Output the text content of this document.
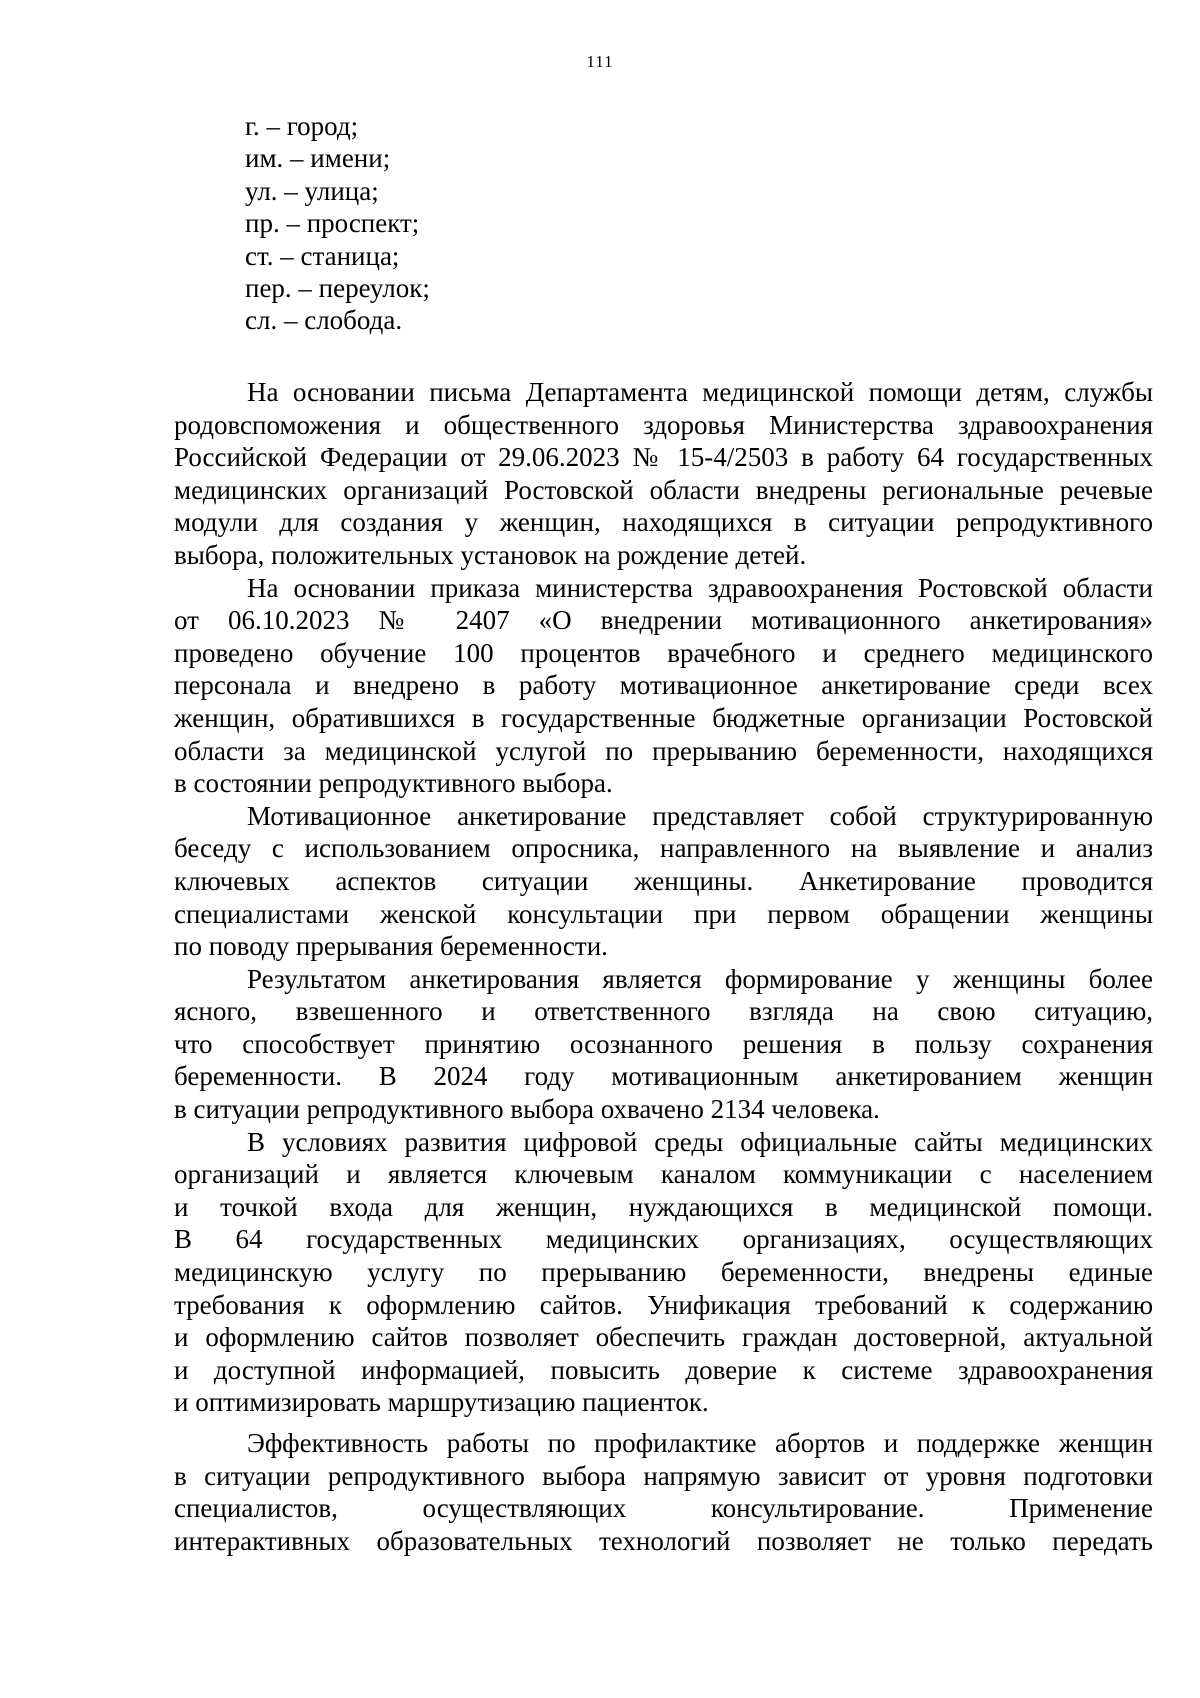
111
г. – город;
им. – имени;
ул. – улица;
пр. – проспект;
ст. – станица;
пер. – переулок;
сл. – слобода.
На основании письма Департамента медицинской помощи детям, службы
родовспоможения и общественного здоровья Министерства здравоохранения
Российской Федерации от 29.06.2023 № 15-4/2503 в работу 64 государственных
медицинских организаций Ростовской области внедрены региональные речевые
модули для создания у женщин, находящихся в ситуации репродуктивного
выбора, положительных установок на рождение детей.
На основании приказа министерства здравоохранения Ростовской области
от 06.10.2023 № 2407 «О внедрении мотивационного анкетирования»
проведено обучение 100 процентов врачебного и среднего медицинского
персонала и внедрено в работу мотивационное анкетирование среди всех
женщин, обратившихся в государственные бюджетные организации Ростовской
области за медицинской услугой по прерыванию беременности, находящихся
в состоянии репродуктивного выбора.
Мотивационное анкетирование представляет собой структурированную
беседу с использованием опросника, направленного на выявление и анализ
ключевых аспектов ситуации женщины. Анкетирование проводится
специалистами женской консультации при первом обращении женщины
по поводу прерывания беременности.
Результатом анкетирования является формирование у женщины более
ясного, взвешенного и ответственного взгляда на свою ситуацию,
что способствует принятию осознанного решения в пользу сохранения
беременности. В 2024 году мотивационным анкетированием женщин
в ситуации репродуктивного выбора охвачено 2134 человека.
В условиях развития цифровой среды официальные сайты медицинских
организаций и является ключевым каналом коммуникации с населением
и точкой входа для женщин, нуждающихся в медицинской помощи.
В 64 государственных медицинских организациях, осуществляющих
медицинскую услугу по прерыванию беременности, внедрены единые
требования к оформлению сайтов. Унификация требований к содержанию
и оформлению сайтов позволяет обеспечить граждан достоверной, актуальной
и доступной информацией, повысить доверие к системе здравоохранения
и оптимизировать маршрутизацию пациенток.
Эффективность работы по профилактике абортов и поддержке женщин
в ситуации репродуктивного выбора напрямую зависит от уровня подготовки
специалистов, осуществляющих консультирование. Применение
интерактивных образовательных технологий позволяет не только передать
